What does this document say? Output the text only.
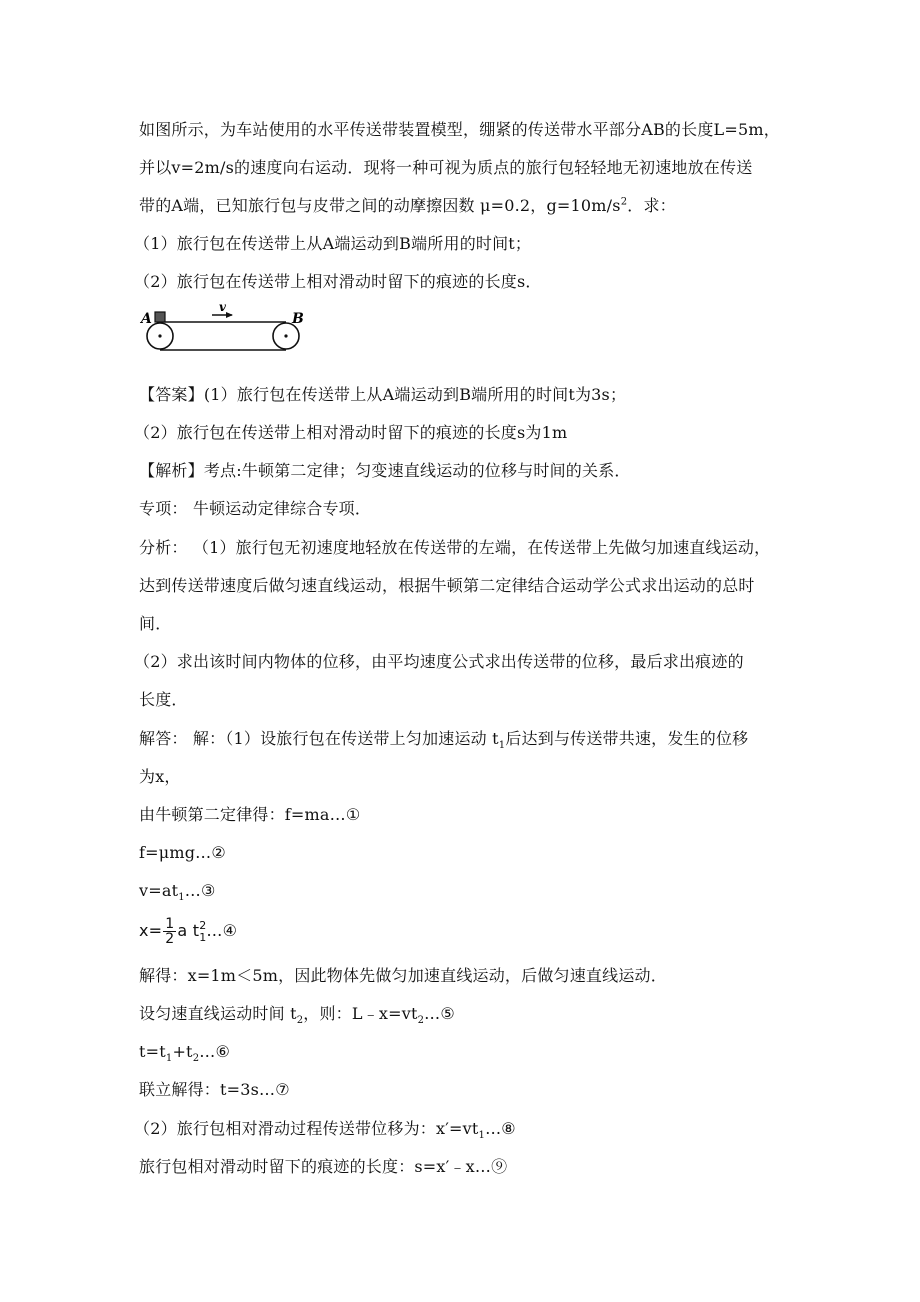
如图所示，为车站使用的水平传送带装置模型，绷紧的传送带水平部分AB的长度L=5m，
并以v=2m/s的速度向右运动．现将一种可视为质点的旅行包轻轻地无初速地放在传送
带的A端，已知旅行包与皮带之间的动摩擦因数 μ=0.2，$g=10m/s^2$．求：
（1）旅行包在传送带上从A端运动到B端所用的时间t；
（2）旅行包在传送带上相对滑动时留下的痕迹的长度s．
v
A	B
【答案】(1）旅行包在传送带上从A端运动到B端所用的时间t为3s；
（2）旅行包在传送带上相对滑动时留下的痕迹的长度s为1m
【解析】考点:牛顿第二定律；匀变速直线运动的位移与时间的关系．
专项： 牛顿运动定律综合专项．
分析： （1）旅行包无初速度地轻放在传送带的左端，在传送带上先做匀加速直线运动，
达到传送带速度后做匀速直线运动，根据牛顿第二定律结合运动学公式求出运动的总时
间．
（2）求出该时间内物体的位移，由平均速度公式求出传送带的位移，最后求出痕迹的
长度．
解答： 解：（1）设旅行包在传送带上匀加速运动 $t_1$后达到与传送带共速，发生的位移
为x，
由牛顿第二定律得：f=ma…①
f=μmg…②
$v=at_1\dots ③$
$x= \frac{1}{2}$ a t 2
1 …④
解得：x=1m＜5m，因此物体先做匀加速直线运动，后做匀速直线运动．
设匀速直线运动时间 $t_2$，则：$L﹣x=vt_2\dots ⑤$
$t=t_1+t_2\dots ⑥$
联立解得：t=3s…⑦
（2）旅行包相对滑动过程传送带位移为：$x'=vt_1\dots ⑧$
旅行包相对滑动时留下的痕迹的长度：s=x′﹣x…⑨
